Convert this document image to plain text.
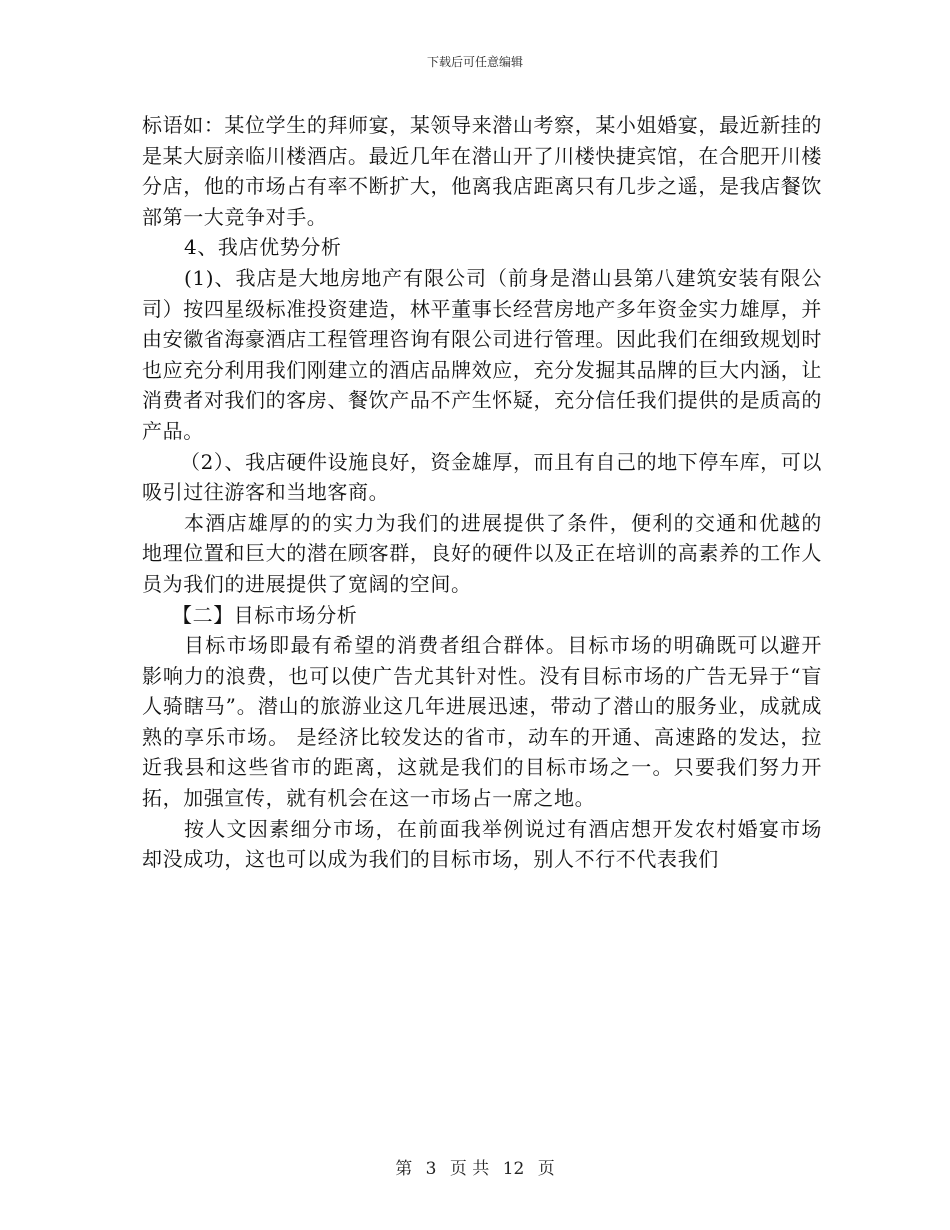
下载后可任意编辑

标语如：某位学生的拜师宴，某领导来潜山考察，某小姐婚宴，最近新挂的是某大厨亲临川楼酒店。最近几年在潜山开了川楼快捷宾馆，在合肥开川楼分店，他的市场占有率不断扩大，他离我店距离只有几步之遥，是我店餐饮部第一大竞争对手。

4、我店优势分析

(1)、我店是大地房地产有限公司（前身是潜山县第八建筑安装有限公司）按四星级标准投资建造，林平董事长经营房地产多年资金实力雄厚，并由安徽省海豪酒店工程管理咨询有限公司进行管理。因此我们在细致规划时也应充分利用我们刚建立的酒店品牌效应，充分发掘其品牌的巨大内涵，让消费者对我们的客房、餐饮产品不产生怀疑，充分信任我们提供的是质高的产品。

（2）、我店硬件设施良好，资金雄厚，而且有自己的地下停车库，可以吸引过往游客和当地客商。

本酒店雄厚的的实力为我们的进展提供了条件，便利的交通和优越的地理位置和巨大的潜在顾客群，良好的硬件以及正在培训的高素养的工作人员为我们的进展提供了宽阔的空间。

【二】目标市场分析

目标市场即最有希望的消费者组合群体。目标市场的明确既可以避开影响力的浪费，也可以使广告尤其针对性。没有目标市场的广告无异于“盲人骑瞎马”。潜山的旅游业这几年进展迅速，带动了潜山的服务业，成就成熟的享乐市场。 是经济比较发达的省市，动车的开通、高速路的发达，拉近我县和这些省市的距离，这就是我们的目标市场之一。只要我们努力开拓，加强宣传，就有机会在这一市场占一席之地。

按人文因素细分市场，在前面我举例说过有酒店想开发农村婚宴市场却没成功，这也可以成为我们的目标市场，别人不行不代表我们

第 3 页 共 12 页
